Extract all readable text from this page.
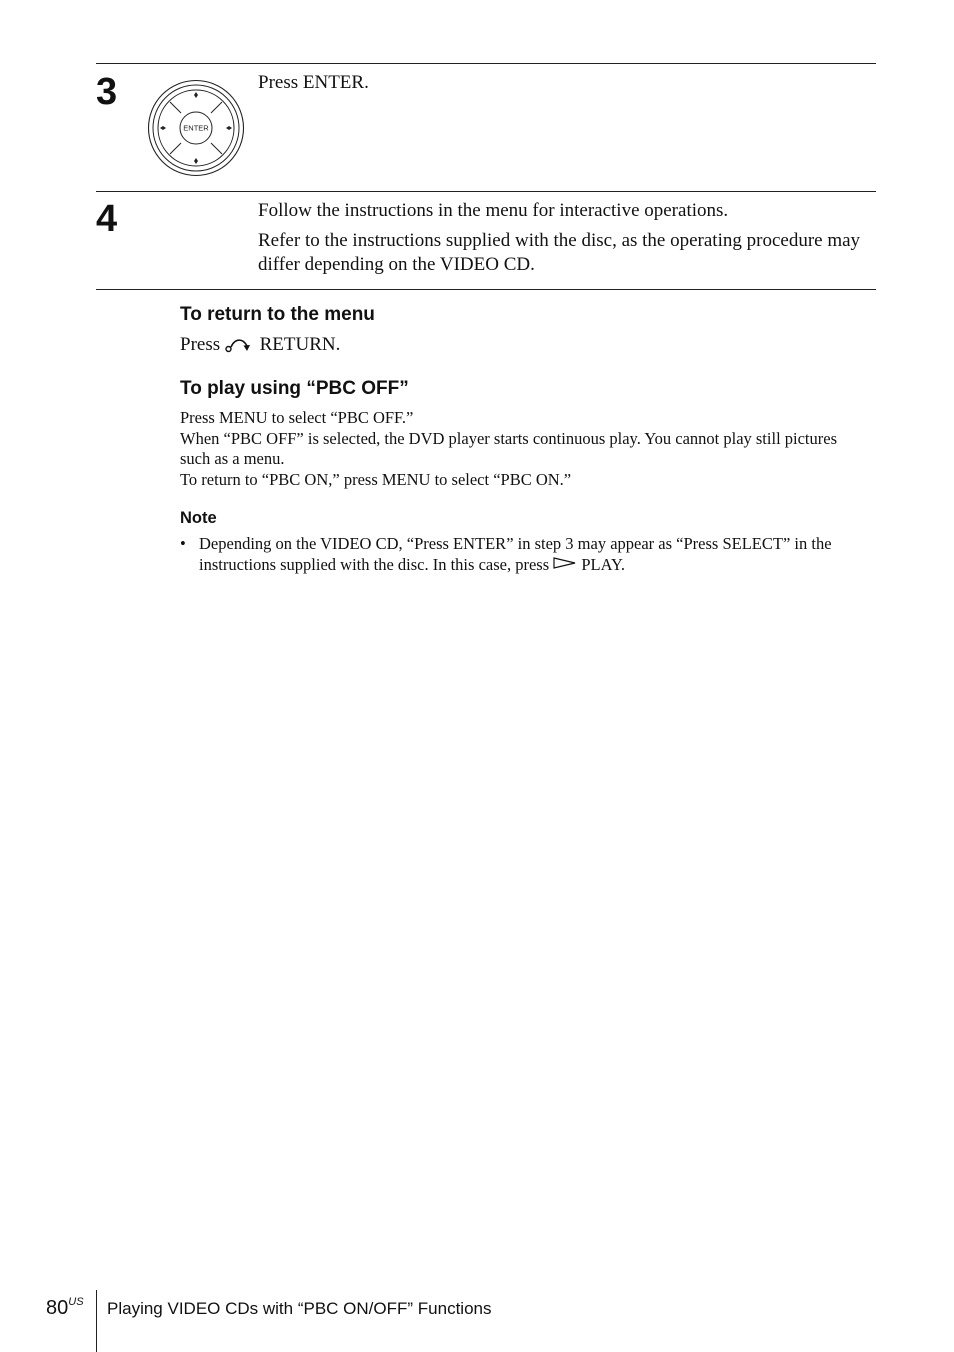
3
ENTER

Press ENTER.

4	Follow the instructions in the menu for interactive operations.

Refer to the instructions supplied with the disc, as the operating procedure may differ depending on the VIDEO CD.

To return to the menu
Press RETURN.
To play using “PBC OFF”
Press MENU to select “PBC OFF.”
When “PBC OFF” is selected, the DVD player starts continuous play. You cannot play still pictures such as a menu.
To return to “PBC ON,” press MENU to select “PBC ON.”
Note
• Depending on the VIDEO CD, “Press ENTER” in step 3 may appear as “Press SELECT” in the instructions supplied with the disc. In this case, press PLAY.
$80^{US}$ Playing VIDEO CDs with “PBC ON/OFF” Functions
